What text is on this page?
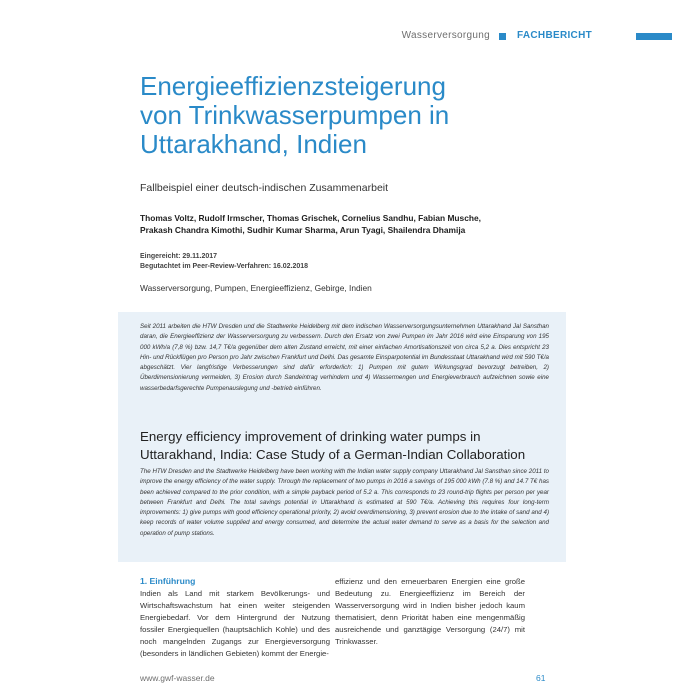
Wasserversorgung	FACHBERICHT
Energieeffizienzsteigerung
von Trinkwasserpumpen in
Uttarakhand, Indien
Fallbeispiel einer deutsch-indischen Zusammenarbeit
Thomas Voltz, Rudolf Irmscher, Thomas Grischek, Cornelius Sandhu, Fabian Musche,
Prakash Chandra Kimothi, Sudhir Kumar Sharma, Arun Tyagi, Shailendra Dhamija
Eingereicht: 29.11.2017
Begutachtet im Peer-Review-Verfahren: 16.02.2018
Wasserversorgung, Pumpen, Energieeffizienz, Gebirge, Indien

Seit 2011 arbeiten die HTW Dresden und die Stadtwerke Heidelberg mit dem indischen Wasserversorgungsunternehmen Uttarakhand Jal Sansthan daran, die Energieeffizienz der Wasserversorgung zu verbessern. Durch den Ersatz von zwei Pumpen im Jahr 2016 wird eine Einsparung von 195 000 kWh/a (7,8 %) bzw. 14,7 T€/a gegenüber dem alten Zustand erreicht, mit einer einfachen Amortisationszeit von circa 5,2 a. Dies entspricht 23 Hin- und Rückflügen pro Person pro Jahr zwischen Frankfurt und Delhi. Das gesamte Einsparpotential im Bundesstaat Uttarakhand wird mit 590 T€/a abgeschätzt. Vier langfristige Verbesserungen sind dafür erforderlich: 1) Pumpen mit gutem Wirkungsgrad bevorzugt betreiben, 2) Überdimensionierung vermeiden, 3) Erosion durch Sandeintrag verhindern und 4) Wassermengen und Energieverbrauch aufzeichnen sowie eine wasserbedarfsgerechte Pumpenauslegung und -betrieb einführen.

Energy efficiency improvement of drinking water pumps in
Uttarakhand, India: Case Study of a German-Indian Collaboration

The HTW Dresden and the Stadtwerke Heidelberg have been working with the Indian water supply company Uttarakhand Jal Sansthan since 2011 to improve the energy efficiency of the water supply. Through the replacement of two pumps in 2016 a savings of 195 000 kWh (7.8 %) and 14.7 T€ has been achieved compared to the prior condition, with a simple payback period of 5.2 a. This corresponds to 23 round-trip flights per person per year between Frankfurt and Delhi. The total savings potential in Uttarakhand is estimated at 590 T€/a. Achieving this requires four long-term improvements: 1) give pumps with good efficiency operational priority, 2) avoid overdimensioning, 3) prevent erosion due to the intake of sand and 4) keep records of water volume supplied and energy consumed, and determine the actual water demand to serve as a basis for the selection and operation of pump stations.

1. Einführung

Indien als Land mit starkem Bevölkerungs- und Wirtschaftswachstum hat einen weiter steigenden Energiebedarf. Vor dem Hintergrund der Nutzung fossiler Energiequellen (hauptsächlich Kohle) und des noch mangelnden Zugangs zur Energieversorgung (besonders in ländlichen Gebieten) kommt der Energie-

effizienz und den erneuerbaren Energien eine große Bedeutung zu. Energieeffizienz im Bereich der Wasserversorgung wird in Indien bisher jedoch kaum thematisiert, denn Priorität haben eine mengenmäßig ausreichende und ganztägige Versorgung (24/7) mit Trinkwasser.

www.gwf-wasser.de	61
